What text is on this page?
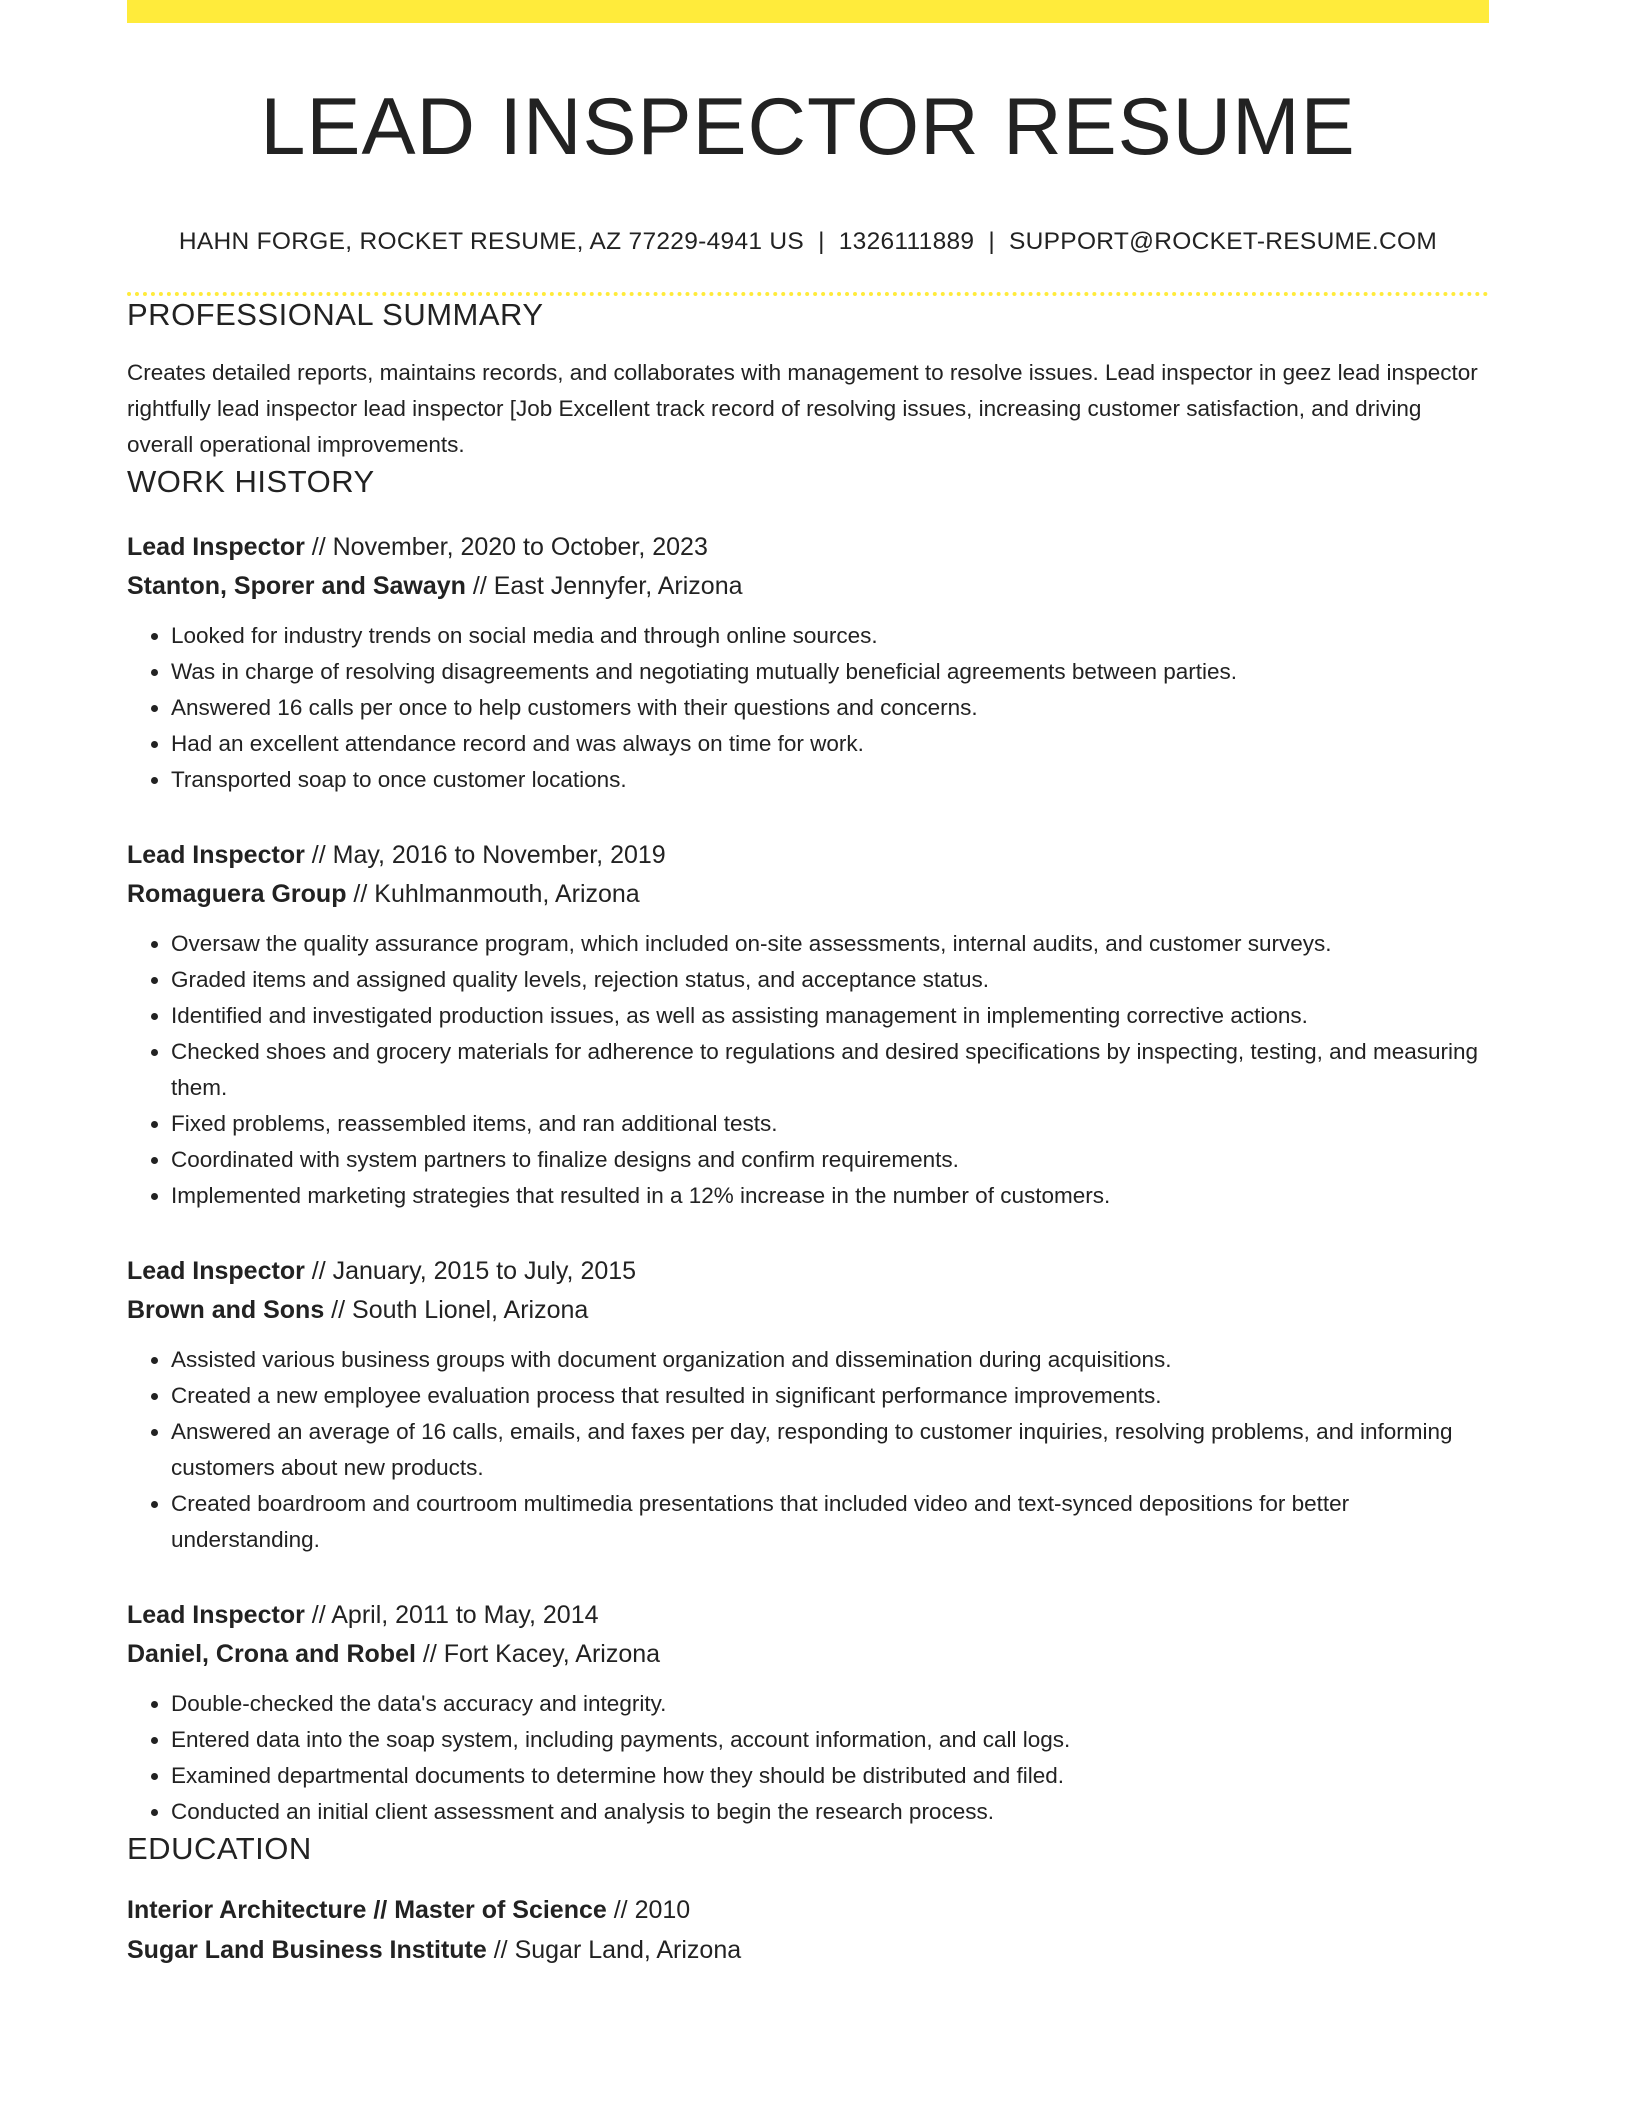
LEAD INSPECTOR RESUME
HAHN FORGE, ROCKET RESUME, AZ 77229-4941 US | 1326111889 | SUPPORT@ROCKET-RESUME.COM
PROFESSIONAL SUMMARY
Creates detailed reports, maintains records, and collaborates with management to resolve issues. Lead inspector in geez lead inspector rightfully lead inspector lead inspector [Job Excellent track record of resolving issues, increasing customer satisfaction, and driving overall operational improvements.
WORK HISTORY
Lead Inspector // November, 2020 to October, 2023
Stanton, Sporer and Sawayn // East Jennyfer, Arizona
• Looked for industry trends on social media and through online sources.
• Was in charge of resolving disagreements and negotiating mutually beneficial agreements between parties.
• Answered 16 calls per once to help customers with their questions and concerns.
• Had an excellent attendance record and was always on time for work.
• Transported soap to once customer locations.
Lead Inspector // May, 2016 to November, 2019
Romaguera Group // Kuhlmanmouth, Arizona
• Oversaw the quality assurance program, which included on-site assessments, internal audits, and customer surveys.
• Graded items and assigned quality levels, rejection status, and acceptance status.
• Identified and investigated production issues, as well as assisting management in implementing corrective actions.
• Checked shoes and grocery materials for adherence to regulations and desired specifications by inspecting, testing, and measuring them.
• Fixed problems, reassembled items, and ran additional tests.
• Coordinated with system partners to finalize designs and confirm requirements.
• Implemented marketing strategies that resulted in a 12% increase in the number of customers.
Lead Inspector // January, 2015 to July, 2015
Brown and Sons // South Lionel, Arizona
• Assisted various business groups with document organization and dissemination during acquisitions.
• Created a new employee evaluation process that resulted in significant performance improvements.
• Answered an average of 16 calls, emails, and faxes per day, responding to customer inquiries, resolving problems, and informing customers about new products.
• Created boardroom and courtroom multimedia presentations that included video and text-synced depositions for better understanding.
Lead Inspector // April, 2011 to May, 2014
Daniel, Crona and Robel // Fort Kacey, Arizona
• Double-checked the data's accuracy and integrity.
• Entered data into the soap system, including payments, account information, and call logs.
• Examined departmental documents to determine how they should be distributed and filed.
• Conducted an initial client assessment and analysis to begin the research process.
EDUCATION
Interior Architecture // Master of Science // 2010
Sugar Land Business Institute // Sugar Land, Arizona
